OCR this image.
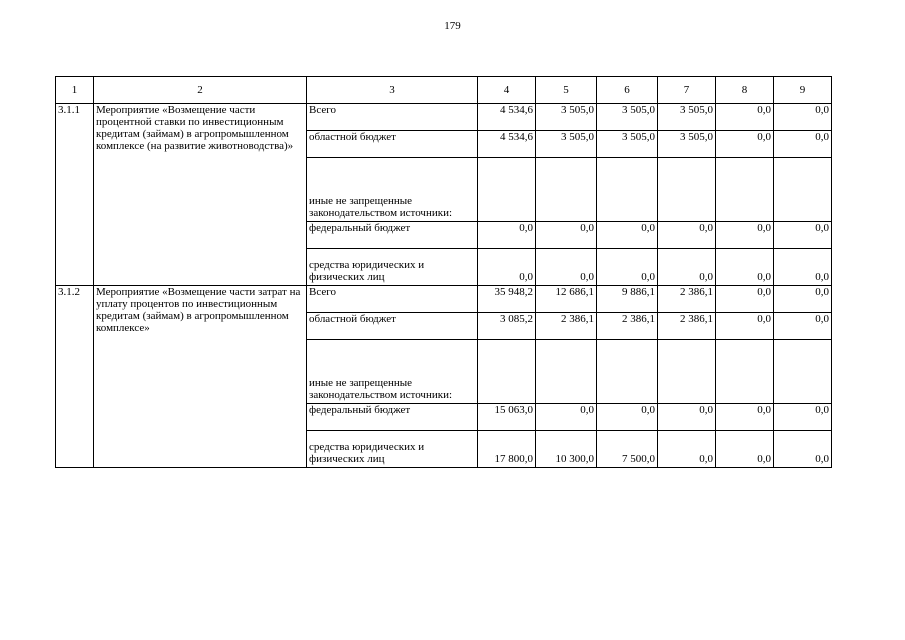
179
1	2	3	4	5	6	7	8	9
3.1.1	Мероприятие «Возмещение части процентной ставки по инвестиционным кредитам (займам) в агропромышленном комплексе (на развитие животноводства)»	Всего	4 534,6	3 505,0	3 505,0	3 505,0	0,0	0,0
		областной бюджет	4 534,6	3 505,0	3 505,0	3 505,0	0,0	0,0
		иные не запрещенные законодательством источники:						
		федеральный бюджет	0,0	0,0	0,0	0,0	0,0	0,0
		средства юридических и физических лиц	0,0	0,0	0,0	0,0	0,0	0,0
3.1.2	Мероприятие «Возмещение части затрат на уплату процентов по инвестиционным кредитам (займам) в агропромышленном комплексе»	Всего	35 948,2	12 686,1	9 886,1	2 386,1	0,0	0,0
		областной бюджет	3 085,2	2 386,1	2 386,1	2 386,1	0,0	0,0
		иные не запрещенные законодательством источники:						
		федеральный бюджет	15 063,0	0,0	0,0	0,0	0,0	0,0
		средства юридических и физических лиц	17 800,0	10 300,0	7 500,0	0,0	0,0	0,0
